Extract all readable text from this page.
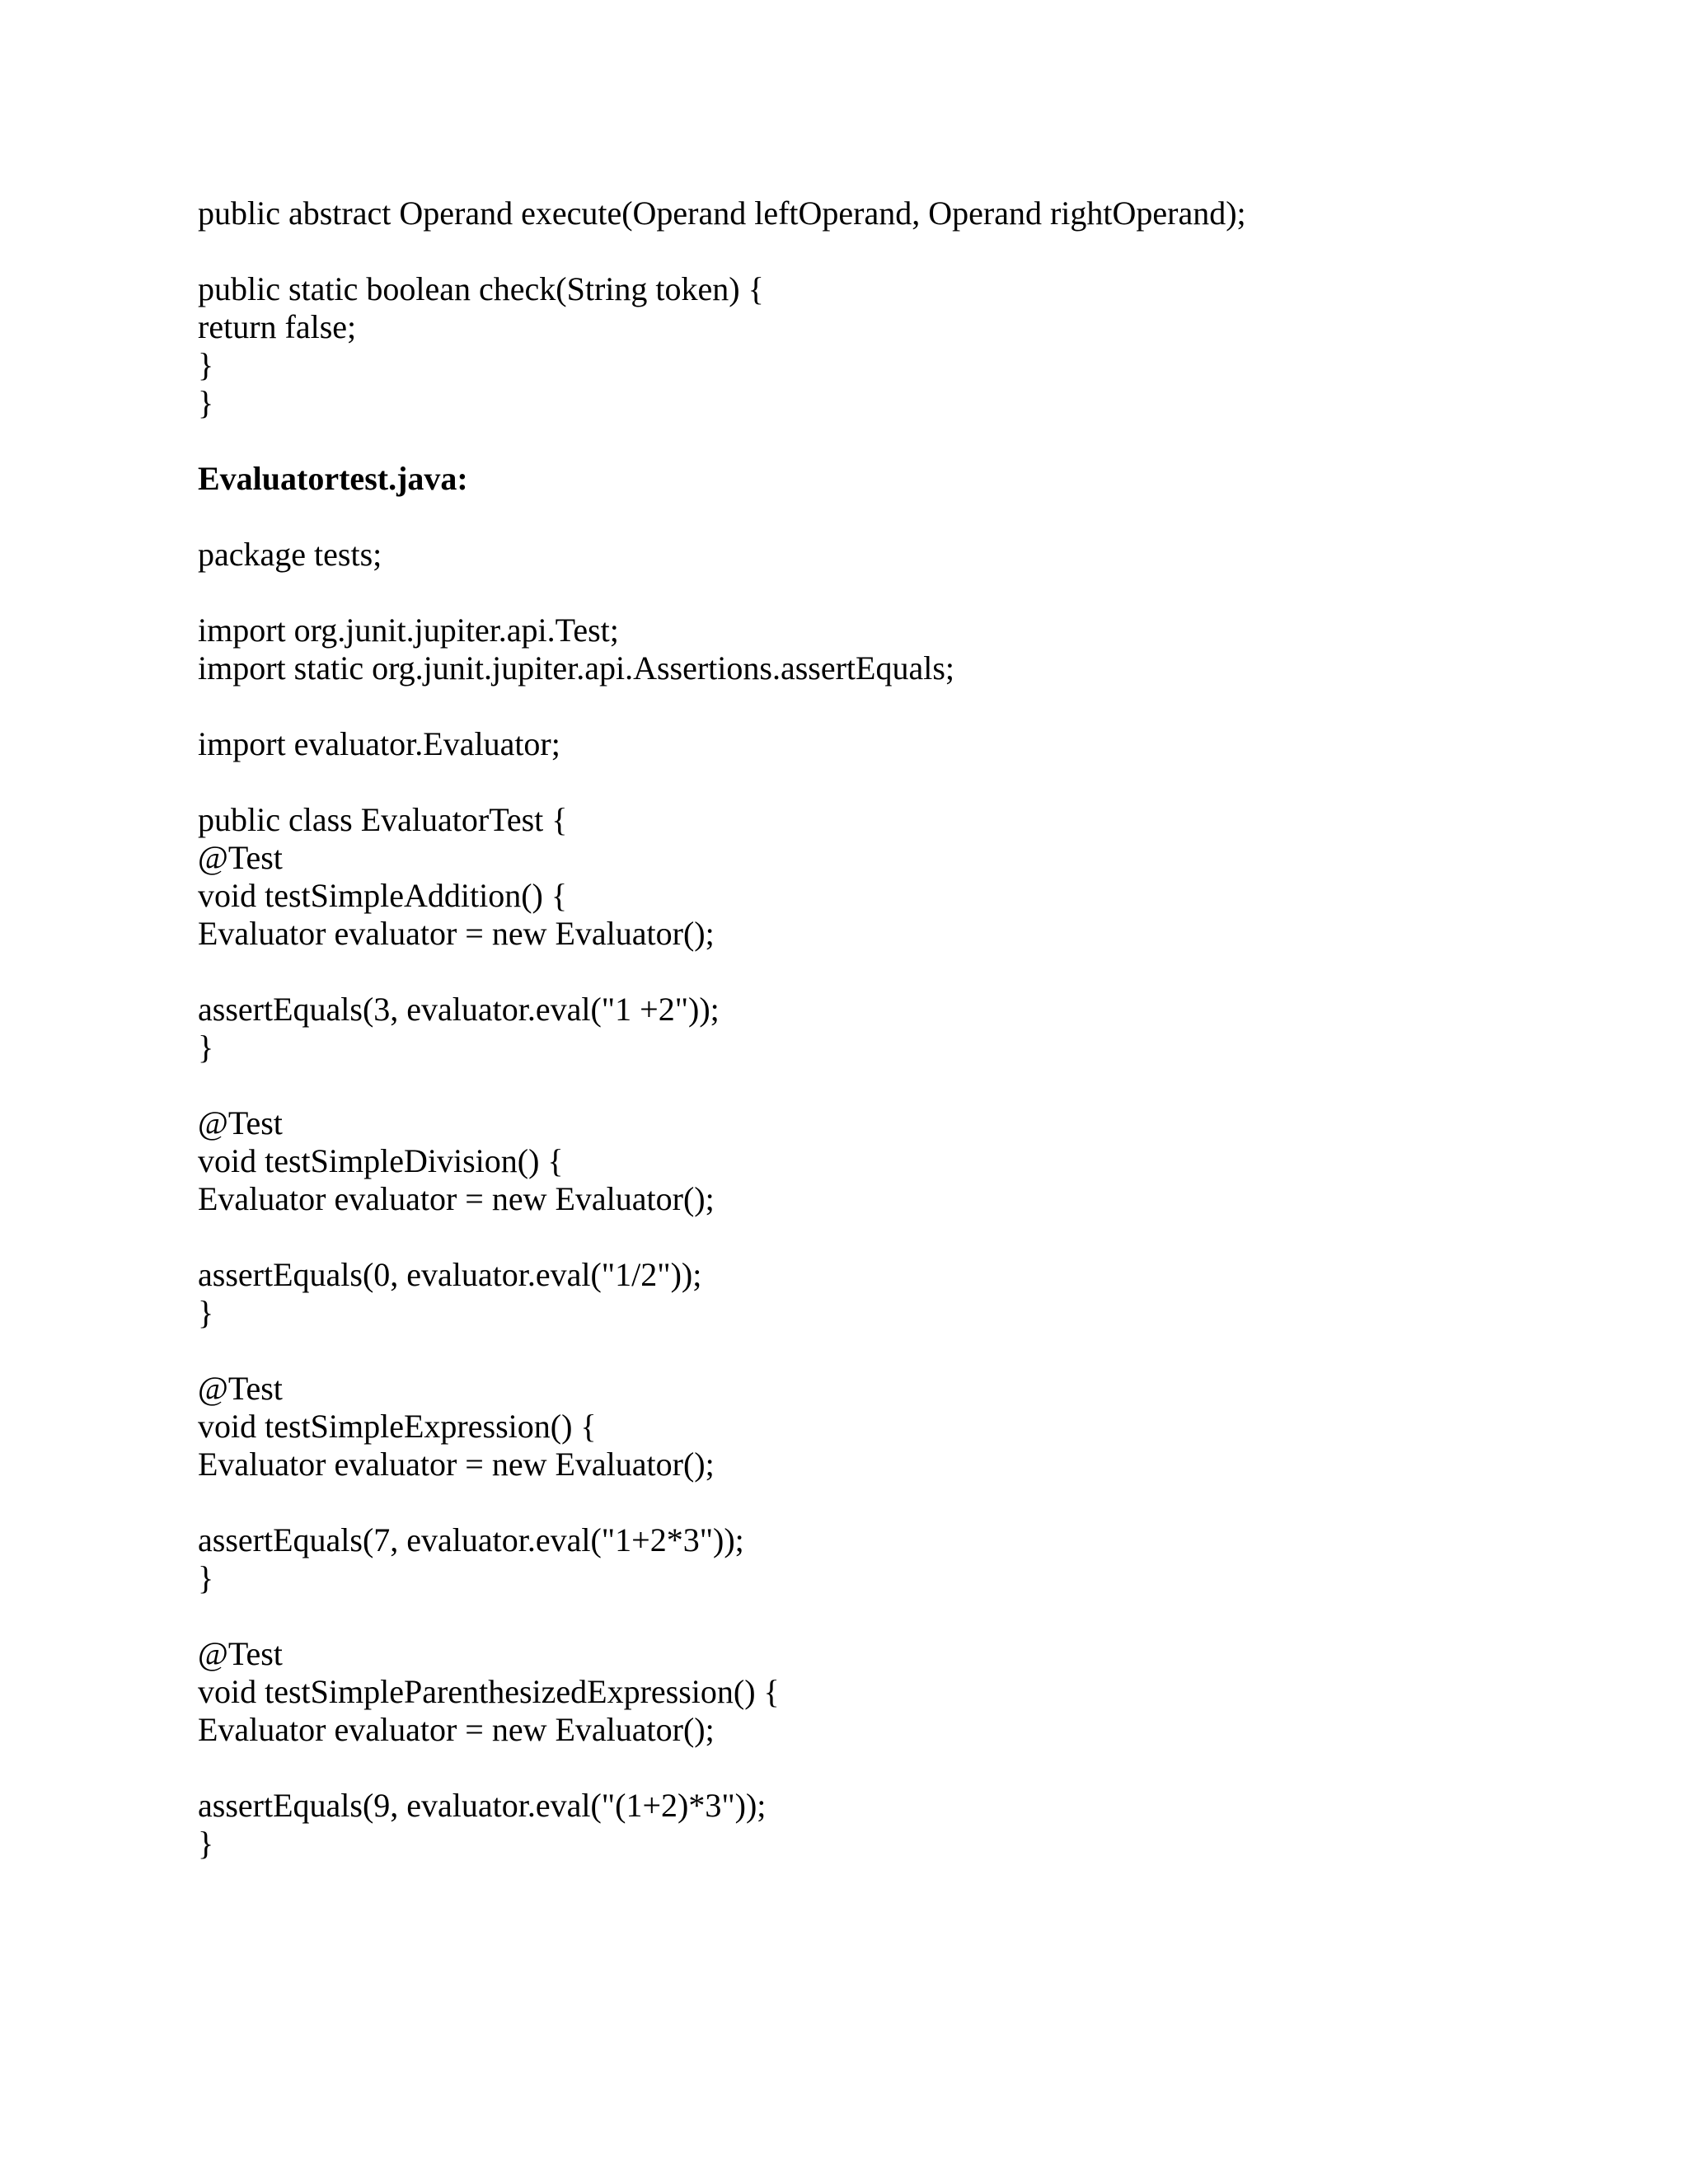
public abstract Operand execute(Operand leftOperand, Operand rightOperand);
public static boolean check(String token) {
return false;
}
}
Evaluatortest.java:
package tests;
import org.junit.jupiter.api.Test;
import static org.junit.jupiter.api.Assertions.assertEquals;
import evaluator.Evaluator;
public class EvaluatorTest {
@Test
void testSimpleAddition() {
Evaluator evaluator = new Evaluator();
assertEquals(3, evaluator.eval("1 +2"));
}
@Test
void testSimpleDivision() {
Evaluator evaluator = new Evaluator();
assertEquals(0, evaluator.eval("1/2"));
}
@Test
void testSimpleExpression() {
Evaluator evaluator = new Evaluator();
assertEquals(7, evaluator.eval("1+2*3"));
}
@Test
void testSimpleParenthesizedExpression() {
Evaluator evaluator = new Evaluator();
assertEquals(9, evaluator.eval("(1+2)*3"));
}
